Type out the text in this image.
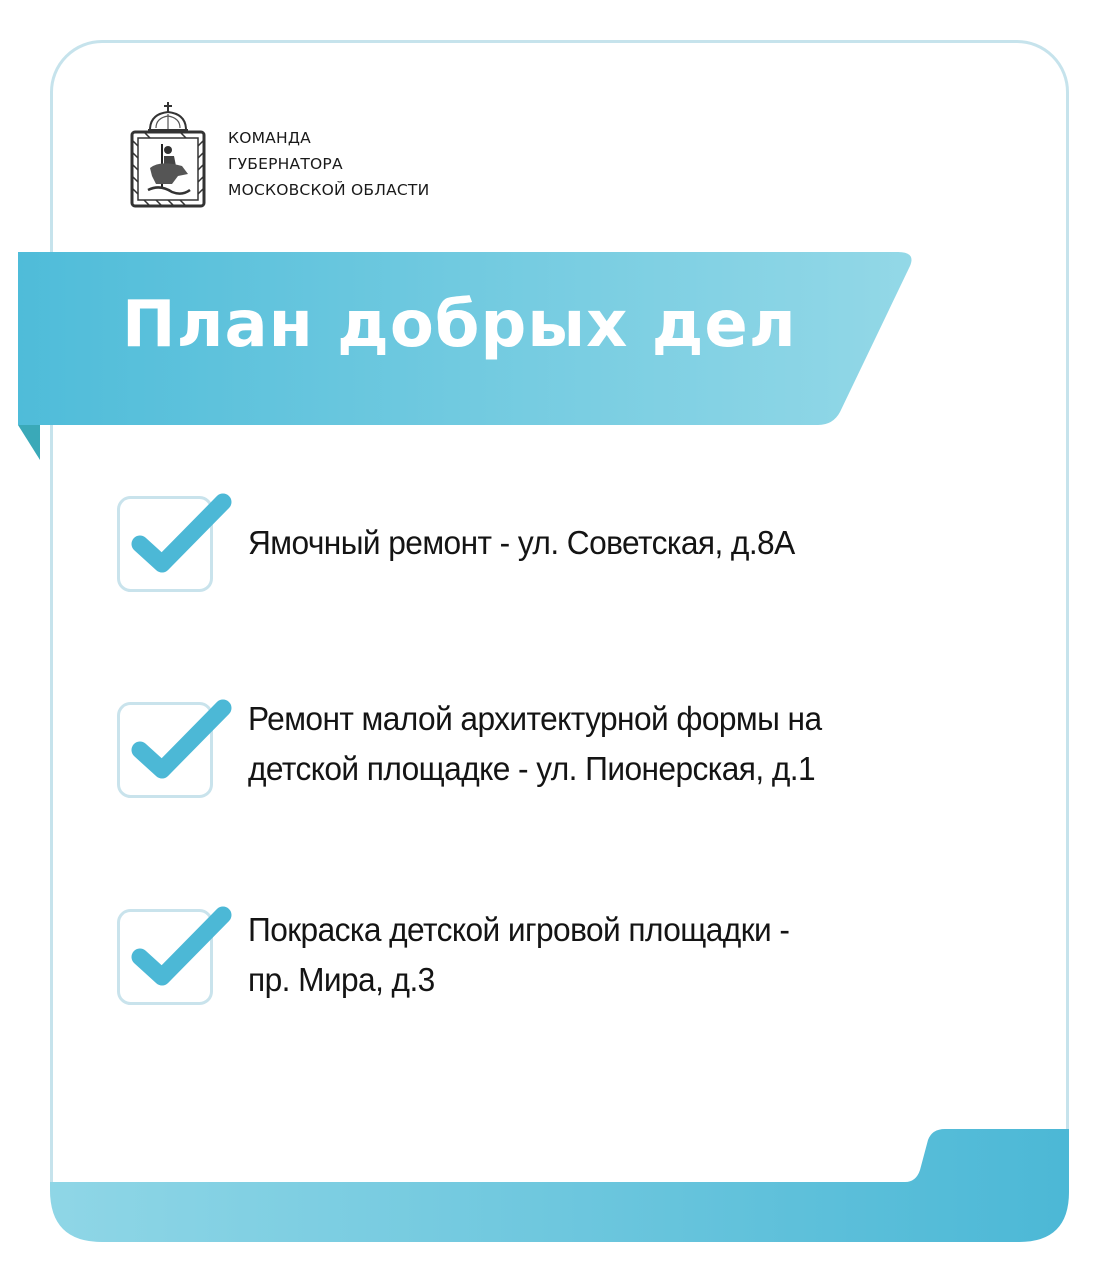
КОМАНДА
ГУБЕРНАТОРА
МОСКОВСКОЙ ОБЛАСТИ
План добрых дел
Ямочный ремонт - ул. Советская, д.8А
Ремонт малой архитектурной формы на
детской площадке - ул. Пионерская, д.1
Покраска детской игровой площадки -
пр. Мира, д.3
